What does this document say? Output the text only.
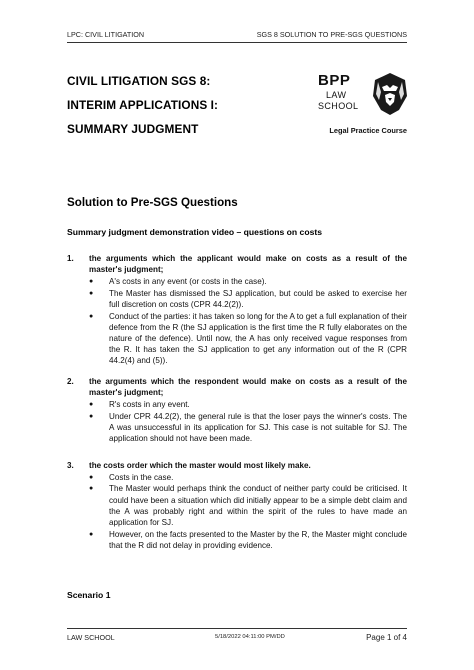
LPC: CIVIL LITIGATION	SGS 8 SOLUTION TO PRE-SGS QUESTIONS
CIVIL LITIGATION SGS 8:
INTERIM APPLICATIONS I:
SUMMARY JUDGMENT
BPP
LAW
SCHOOL
Legal Practice Course
Solution to Pre-SGS Questions
Summary judgment demonstration video – questions on costs
1. the arguments which the applicant would make on costs as a result of the master's judgment;
● A's costs in any event (or costs in the case).
● The Master has dismissed the SJ application, but could be asked to exercise her full discretion on costs (CPR 44.2(2)).
● Conduct of the parties: it has taken so long for the A to get a full explanation of their defence from the R (the SJ application is the first time the R fully elaborates on the nature of the defence). Until now, the A has only received vague responses from the R. It has taken the SJ application to get any information out of the R (CPR 44.2(4) and (5)).
2. the arguments which the respondent would make on costs as a result of the master's judgment;
● R's costs in any event.
● Under CPR 44.2(2), the general rule is that the loser pays the winner's costs. The A was unsuccessful in its application for SJ. This case is not suitable for SJ. The application should not have been made.
3. the costs order which the master would most likely make.
● Costs in the case.
● The Master would perhaps think the conduct of neither party could be criticised. It could have been a situation which did initially appear to be a simple debt claim and the A was probably right and within the spirit of the rules to have made an application for SJ.
● However, on the facts presented to the Master by the R, the Master might conclude that the R did not delay in providing evidence.
Scenario 1
LAW SCHOOL	5/18/2022 04:11:00 PM/DD	Page 1 of 4
